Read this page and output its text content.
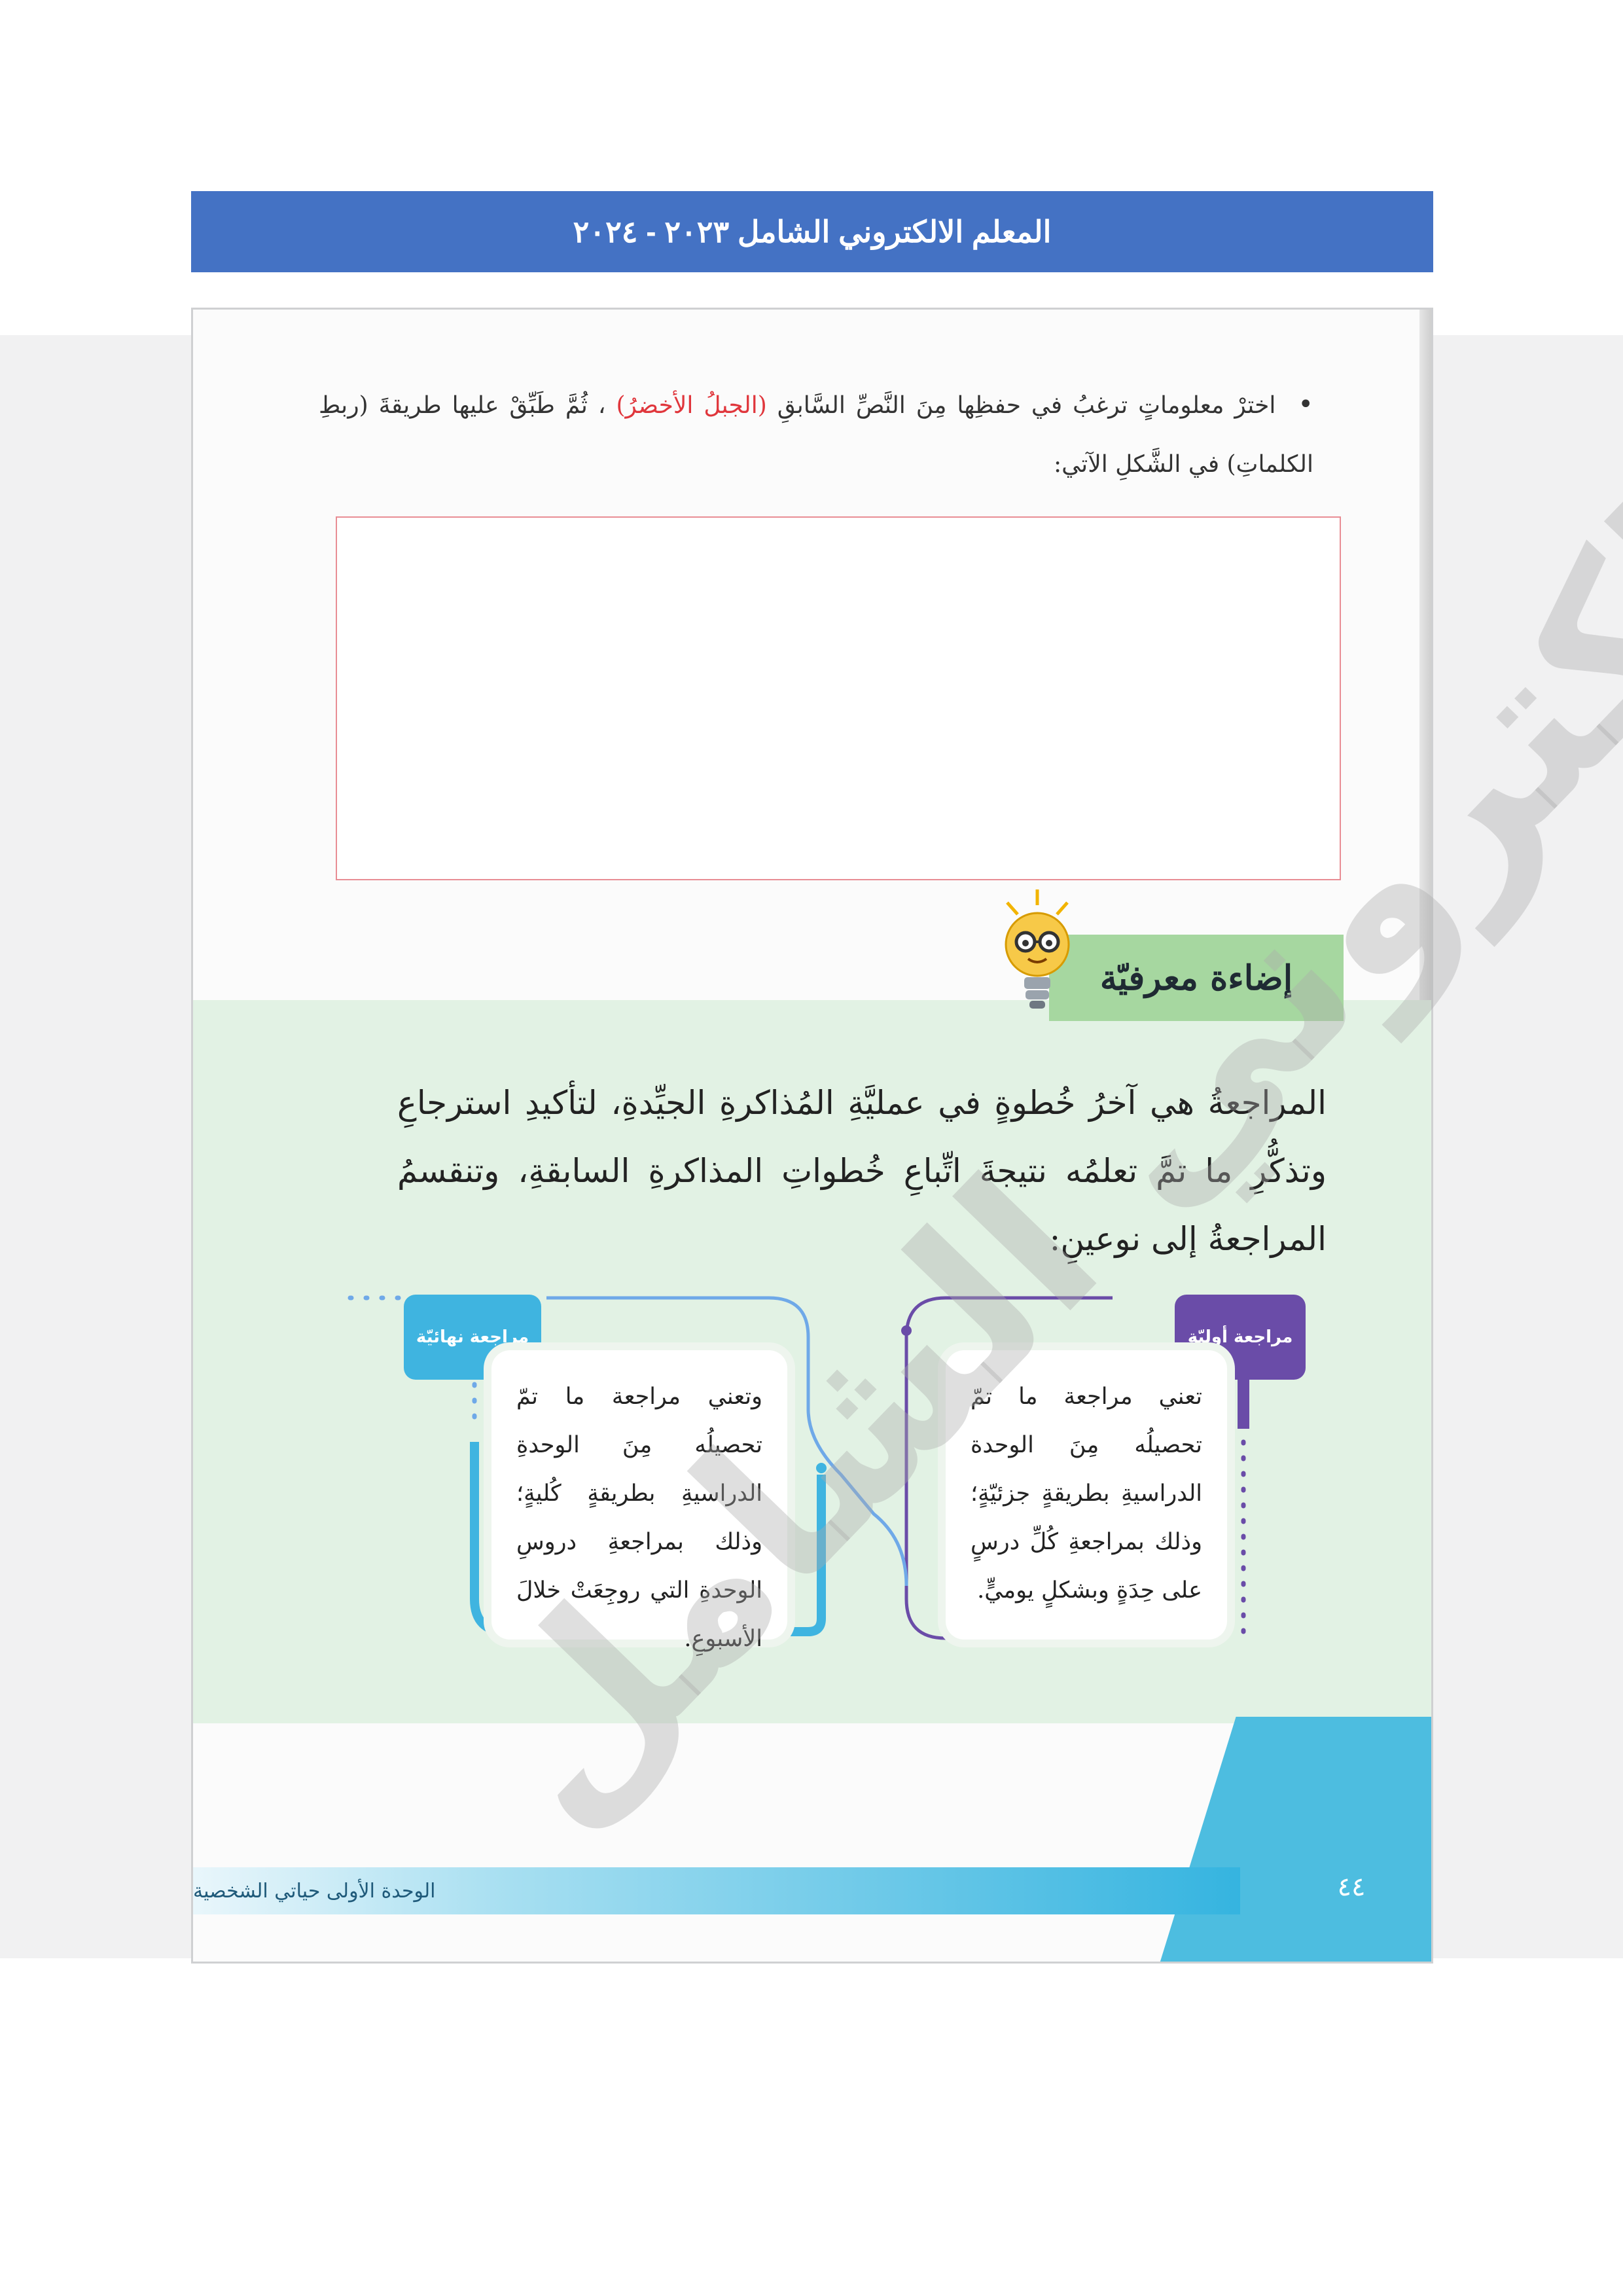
المعلم الالكتروني الشامل ٢٠٢٣ - ٢٠٢٤
• اخترْ معلوماتٍ ترغبُ في حفظِها مِنَ النَّصِّ السَّابقِ (الجبلُ الأخضرُ) ، ثُمَّ طَبِّقْ عليها طريقةَ (ربطِ الكلماتِ) في الشَّكلِ الآتي:
إضاءة معرفيّة
المراجعةُ هي آخرُ خُطوةٍ في عمليَّةِ المُذاكرةِ الجيِّدةِ، لتأكيدِ استرجاعِ وتذكُّرِ ما تمَّ تعلمُه نتيجةَ اتِّباعِ خُطواتِ المذاكرةِ السابقةِ، وتنقسمُ المراجعةُ إلى نوعينِ:
مراجعة أوليّة
مراجعة نهائيّة
تعني مراجعة ما تمّ تحصيلُه مِنَ الوحدة الدراسيةِ بطريقةٍ جزئيّةٍ؛ وذلك بمراجعةِ كُلِّ درسٍ على حِدَةٍ وبشكلٍ يوميٍّ.
وتعني مراجعة ما تمّ تحصيلُه مِنَ الوحدةِ الدراسيةِ بطريقةٍ كُليةٍ؛ وذلك بمراجعةِ دروسِ الوحدةِ التي روجِعَتْ خلالَ الأسبوعِ.
الوحدة الأولى حياتي الشخصية	٤٤
الالكتروني الشامل
